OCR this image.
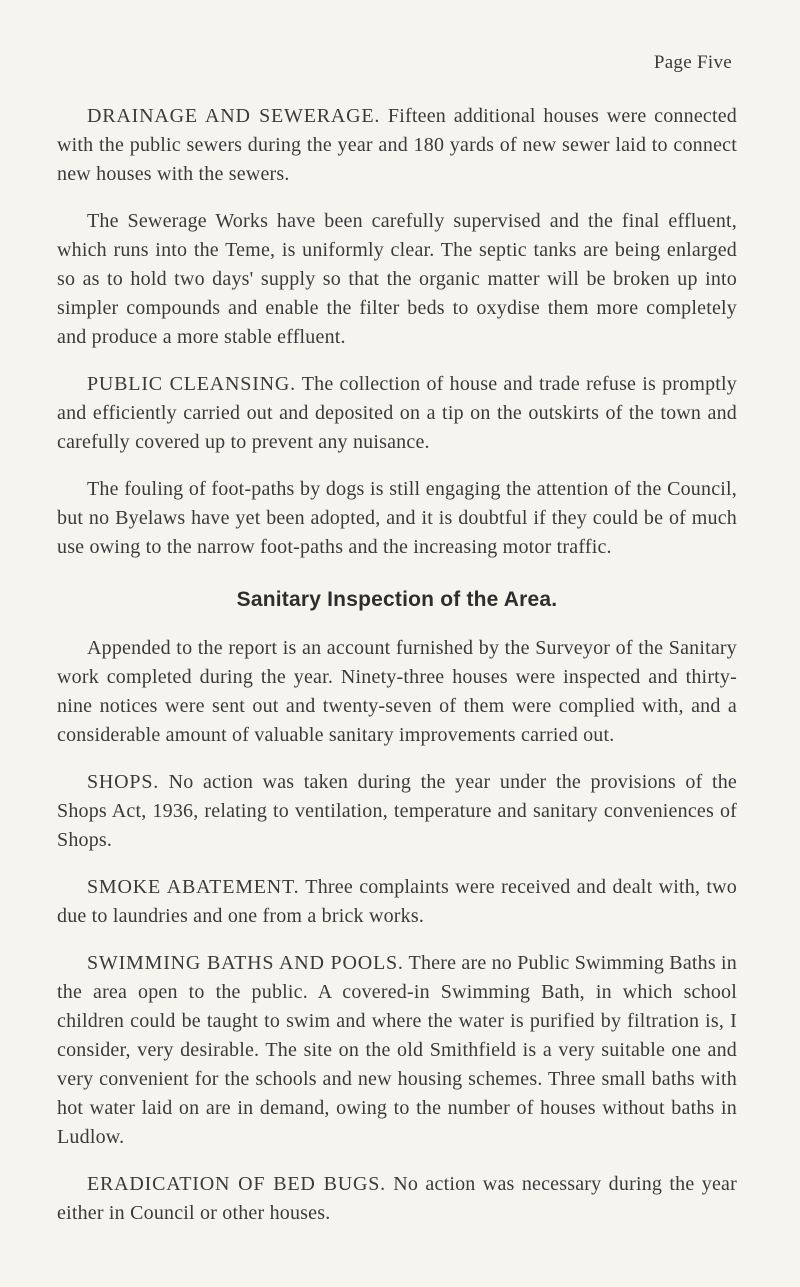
Page Five

DRAINAGE AND SEWERAGE. Fifteen additional houses were connected with the public sewers during the year and 180 yards of new sewer laid to connect new houses with the sewers.

The Sewerage Works have been carefully supervised and the final effluent, which runs into the Teme, is uniformly clear. The septic tanks are being enlarged so as to hold two days' supply so that the organic matter will be broken up into simpler compounds and enable the filter beds to oxydise them more completely and produce a more stable effluent.

PUBLIC CLEANSING. The collection of house and trade refuse is promptly and efficiently carried out and deposited on a tip on the outskirts of the town and carefully covered up to prevent any nuisance.

The fouling of foot-paths by dogs is still engaging the attention of the Council, but no Byelaws have yet been adopted, and it is doubtful if they could be of much use owing to the narrow foot-paths and the increasing motor traffic.

Sanitary Inspection of the Area.

Appended to the report is an account furnished by the Surveyor of the Sanitary work completed during the year. Ninety-three houses were inspected and thirty-nine notices were sent out and twenty-seven of them were complied with, and a considerable amount of valuable sanitary improvements carried out.

SHOPS. No action was taken during the year under the provisions of the Shops Act, 1936, relating to ventilation, temperature and sanitary conveniences of Shops.

SMOKE ABATEMENT. Three complaints were received and dealt with, two due to laundries and one from a brick works.

SWIMMING BATHS AND POOLS. There are no Public Swimming Baths in the area open to the public. A covered-in Swimming Bath, in which school children could be taught to swim and where the water is purified by filtration is, I consider, very desirable. The site on the old Smithfield is a very suitable one and very convenient for the schools and new housing schemes. Three small baths with hot water laid on are in demand, owing to the number of houses without baths in Ludlow.

ERADICATION OF BED BUGS. No action was necessary during the year either in Council or other houses.
